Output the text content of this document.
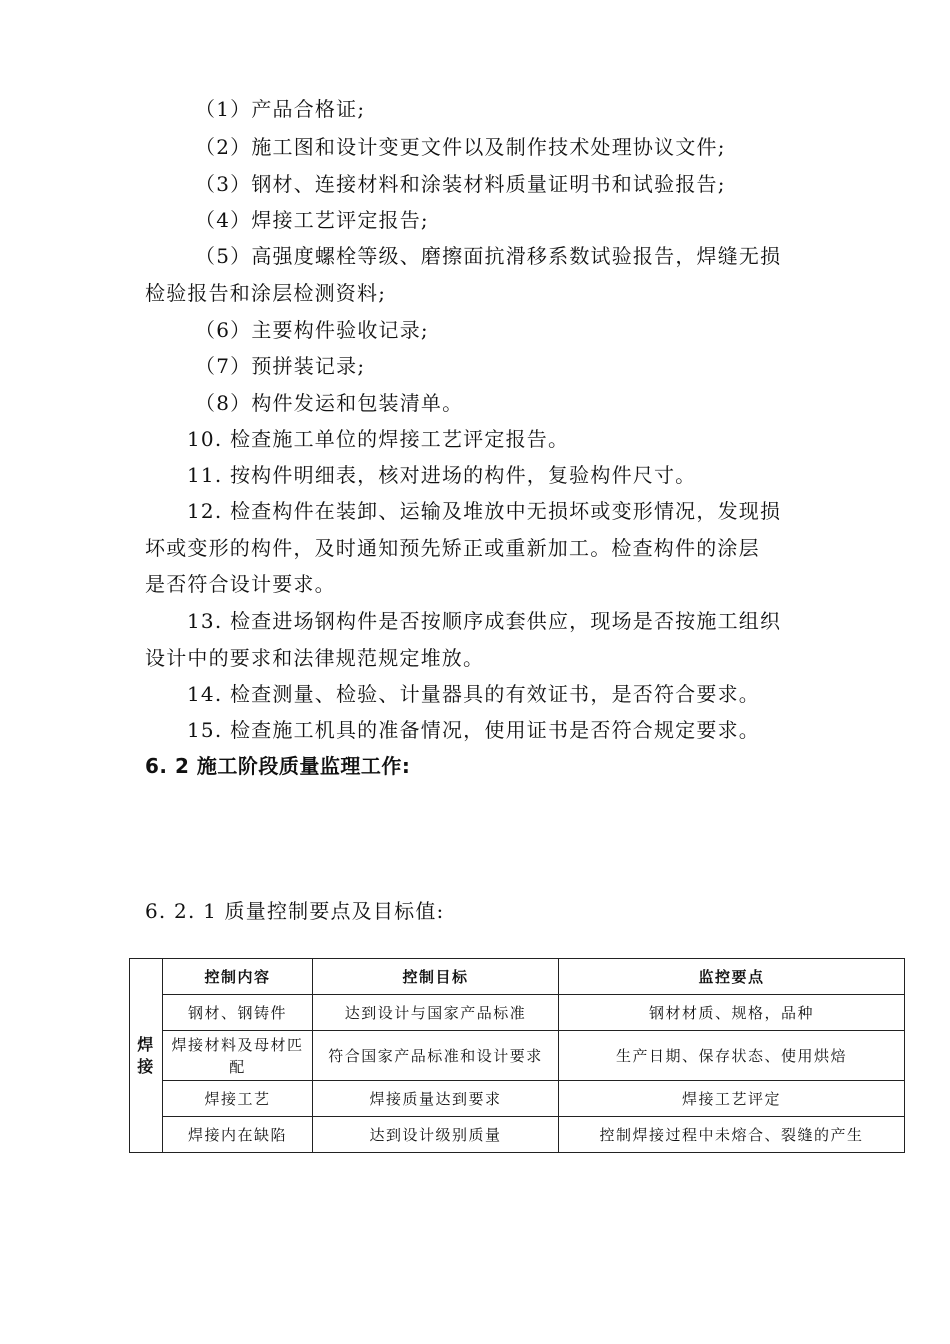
（1）产品合格证;
（2）施工图和设计变更文件以及制作技术处理协议文件;
（3）钢材、连接材料和涂装材料质量证明书和试验报告;
（4）焊接工艺评定报告;
（5）高强度螺栓等级、磨擦面抗滑移系数试验报告，焊缝无损
检验报告和涂层检测资料;
（6）主要构件验收记录;
（7）预拼装记录;
（8）构件发运和包装清单。
10. 检查施工单位的焊接工艺评定报告。
11. 按构件明细表，核对进场的构件，复验构件尺寸。
12. 检查构件在装卸、运输及堆放中无损坏或变形情况，发现损
坏或变形的构件，及时通知预先矫正或重新加工。检查构件的涂层
是否符合设计要求。
13. 检查进场钢构件是否按顺序成套供应，现场是否按施工组织
设计中的要求和法律规范规定堆放。
14. 检查测量、检验、计量器具的有效证书，是否符合要求。
15. 检查施工机具的准备情况，使用证书是否符合规定要求。
6. 2 施工阶段质量监理工作:
6. 2. 1 质量控制要点及目标值:
焊接	控制内容	控制目标	监控要点
	钢材、钢铸件	达到设计与国家产品标准	钢材材质、规格，品种
	焊接材料及母材匹配	符合国家产品标准和设计要求	生产日期、保存状态、使用烘焙
	焊接工艺	焊接质量达到要求	焊接工艺评定
	焊接内在缺陷	达到设计级别质量	控制焊接过程中未熔合、裂缝的产生
